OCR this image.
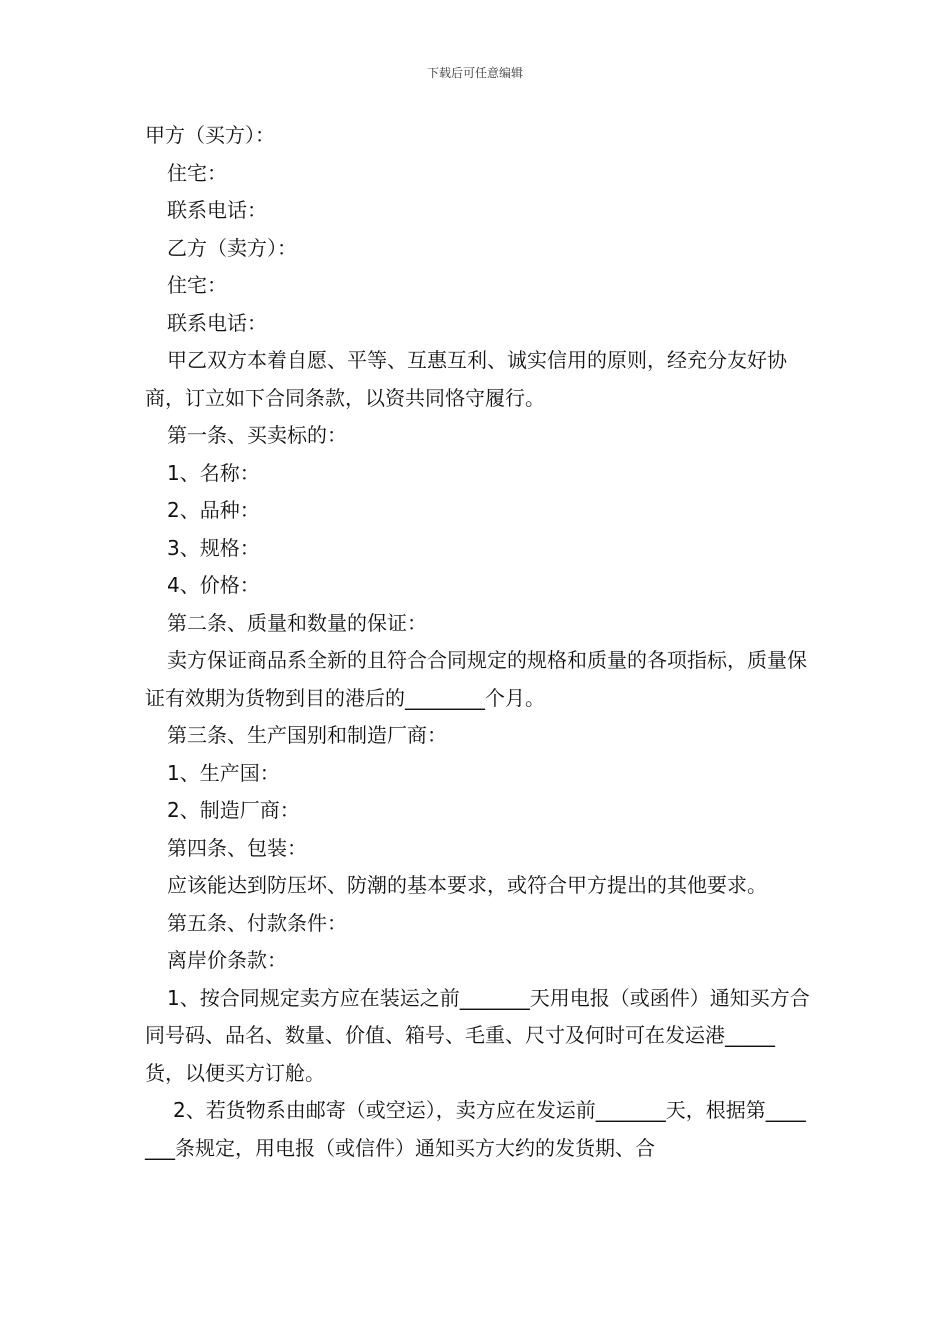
下载后可任意编辑

甲方（买方）：

住宅：

联系电话：

乙方（卖方）：

住宅：

联系电话：

甲乙双方本着自愿、平等、互惠互利、诚实信用的原则，经充分友好协商，订立如下合同条款，以资共同恪守履行。

第一条、买卖标的：

1、名称：

2、品种：

3、规格：

4、价格：

第二条、质量和数量的保证：

卖方保证商品系全新的且符合合同规定的规格和质量的各项指标，质量保证有效期为货物到目的港后的________个月。

第三条、生产国别和制造厂商：

1、生产国：

2、制造厂商：

第四条、包装：

应该能达到防压坏、防潮的基本要求，或符合甲方提出的其他要求。

第五条、付款条件：

离岸价条款：

1、按合同规定卖方应在装运之前_______天用电报（或函件）通知买方合同号码、品名、数量、价值、箱号、毛重、尺寸及何时可在发运港_____货，以便买方订舱。

2、若货物系由邮寄（或空运），卖方应在发运前_______天，根据第_______条规定，用电报（或信件）通知买方大约的发货期、合
